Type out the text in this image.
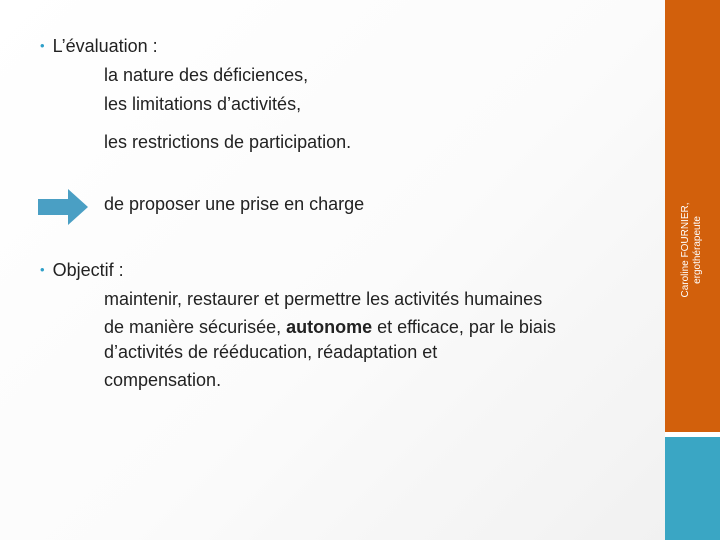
Caroline FOURNIER, ergothérapeute
• L’évaluation :
la nature des déficiences,
les limitations d’activités,
les restrictions de participation.
de proposer une prise en charge
• Objectif :
maintenir, restaurer et permettre les activités humaines
de manière sécurisée, autonome et efficace, par le biais
d’activités de rééducation, réadaptation et
compensation.
